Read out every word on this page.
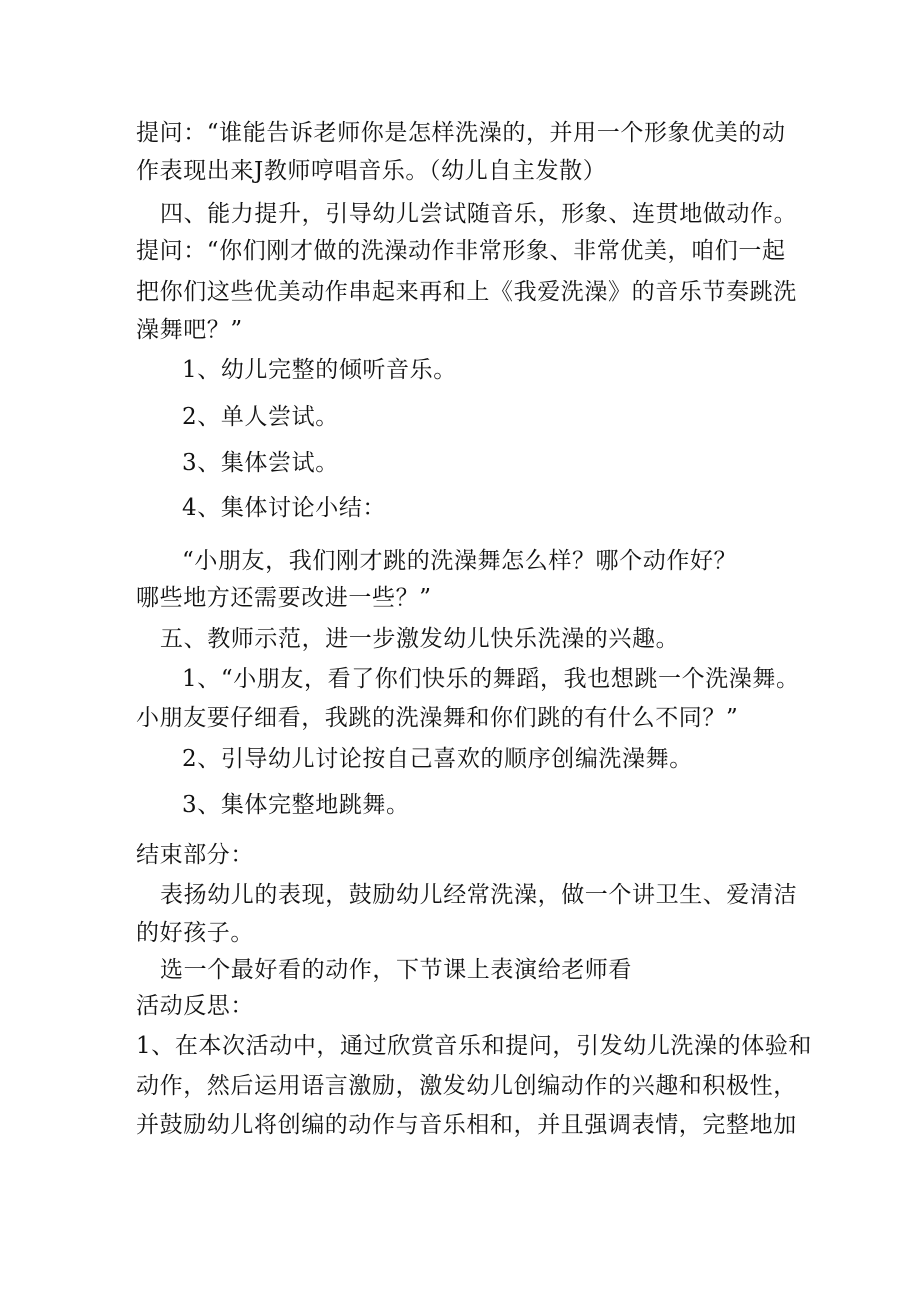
提问：“谁能告诉老师你是怎样洗澡的，并用一个形象优美的动
作表现出来J教师哼唱音乐。（幼儿自主发散）
四、能力提升，引导幼儿尝试随音乐，形象、连贯地做动作。
提问：“你们刚才做的洗澡动作非常形象、非常优美，咱们一起
把你们这些优美动作串起来再和上《我爱洗澡》的音乐节奏跳洗
澡舞吧？”
1、幼儿完整的倾听音乐。
2、单人尝试。
3、集体尝试。
4、集体讨论小结：
“小朋友，我们刚才跳的洗澡舞怎么样？哪个动作好？
哪些地方还需要改进一些？”
五、教师示范，进一步激发幼儿快乐洗澡的兴趣。
1、“小朋友，看了你们快乐的舞蹈，我也想跳一个洗澡舞。
小朋友要仔细看，我跳的洗澡舞和你们跳的有什么不同？”
2、引导幼儿讨论按自己喜欢的顺序创编洗澡舞。
3、集体完整地跳舞。
结束部分：
表扬幼儿的表现，鼓励幼儿经常洗澡，做一个讲卫生、爱清洁
的好孩子。
选一个最好看的动作，下节课上表演给老师看
活动反思：
1、在本次活动中，通过欣赏音乐和提问，引发幼儿洗澡的体验和
动作，然后运用语言激励，激发幼儿创编动作的兴趣和积极性，
并鼓励幼儿将创编的动作与音乐相和，并且强调表情，完整地加
